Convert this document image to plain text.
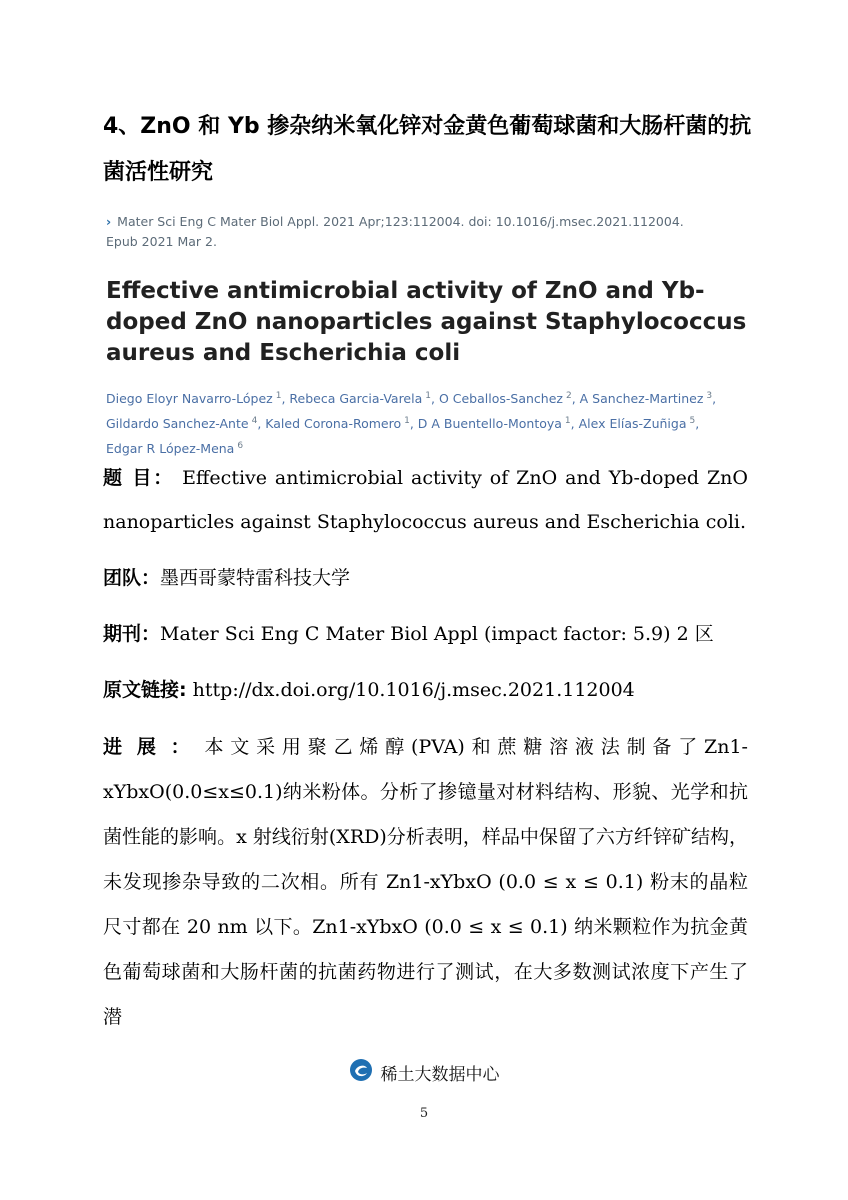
4、ZnO 和 Yb 掺杂纳米氧化锌对金黄色葡萄球菌和大肠杆菌的抗
菌活性研究
› Mater Sci Eng C Mater Biol Appl. 2021 Apr;123:112004. doi: 10.1016/j.msec.2021.112004.
Epub 2021 Mar 2.
Effective antimicrobial activity of ZnO and Yb-doped ZnO nanoparticles against Staphylococcus aureus and Escherichia coli
Diego Eloyr Navarro-López $^1$, Rebeca Garcia-Varela $^1$, O Ceballos-Sanchez $^2$, A Sanchez-Martinez $^3$,
Gildardo Sanchez-Ante $^4$, Kaled Corona-Romero $^1$, D A Buentello-Montoya $^1$, Alex Elías-Zuñiga $^5$,
Edgar R López-Mena $^6$
题 目： Effective antimicrobial activity of ZnO and Yb-doped ZnO nanoparticles against Staphylococcus aureus and Escherichia coli.
团队：墨西哥蒙特雷科技大学
期刊：Mater Sci Eng C Mater Biol Appl (impact factor: 5.9) 2 区
原文链接: http://dx.doi.org/10.1016/j.msec.2021.112004
进展：本文采用聚乙烯醇(PVA)和蔗糖溶液法制备了Zn1-xYbxO(0.0≤x≤0.1)纳米粉体。分析了掺镱量对材料结构、形貌、光学和抗菌性能的影响。x 射线衍射(XRD)分析表明，样品中保留了六方纤锌矿结构，未发现掺杂导致的二次相。所有 Zn1-xYbxO (0.0 ≤ x ≤ 0.1) 粉末的晶粒尺寸都在 20 nm 以下。Zn1-xYbxO (0.0 ≤ x ≤ 0.1) 纳米颗粒作为抗金黄色葡萄球菌和大肠杆菌的抗菌药物进行了测试，在大多数测试浓度下产生了潜
稀土大数据中心
5
